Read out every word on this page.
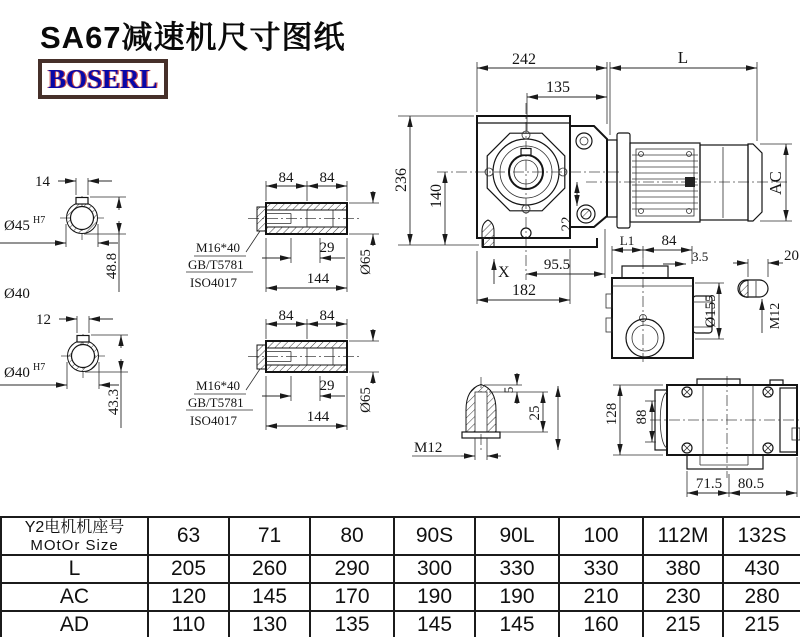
14
Ø45 H7
48.8
Ø40
12
Ø40 H7
43.3
84 84
29
144
Ø65
M16*40
GB/T5781
ISO4017
84 84
29
144
Ø65
M16*40
GB/T5781
ISO4017
242	L
135
236
140
AC
22
X 95.5
182
L1 84
3.5
Ø155
20
M12
128 88
71.5 80.5
5
25
M12
SA67减速机尺寸图纸
BOSERL
Y2电机机座号
MOtOr Size	63	71	80	90S	90L	100	112M	132S
L	205	260	290	300	330	330	380	430
AC	120	145	170	190	190	210	230	280
AD	110	130	135	145	145	160	215	215
